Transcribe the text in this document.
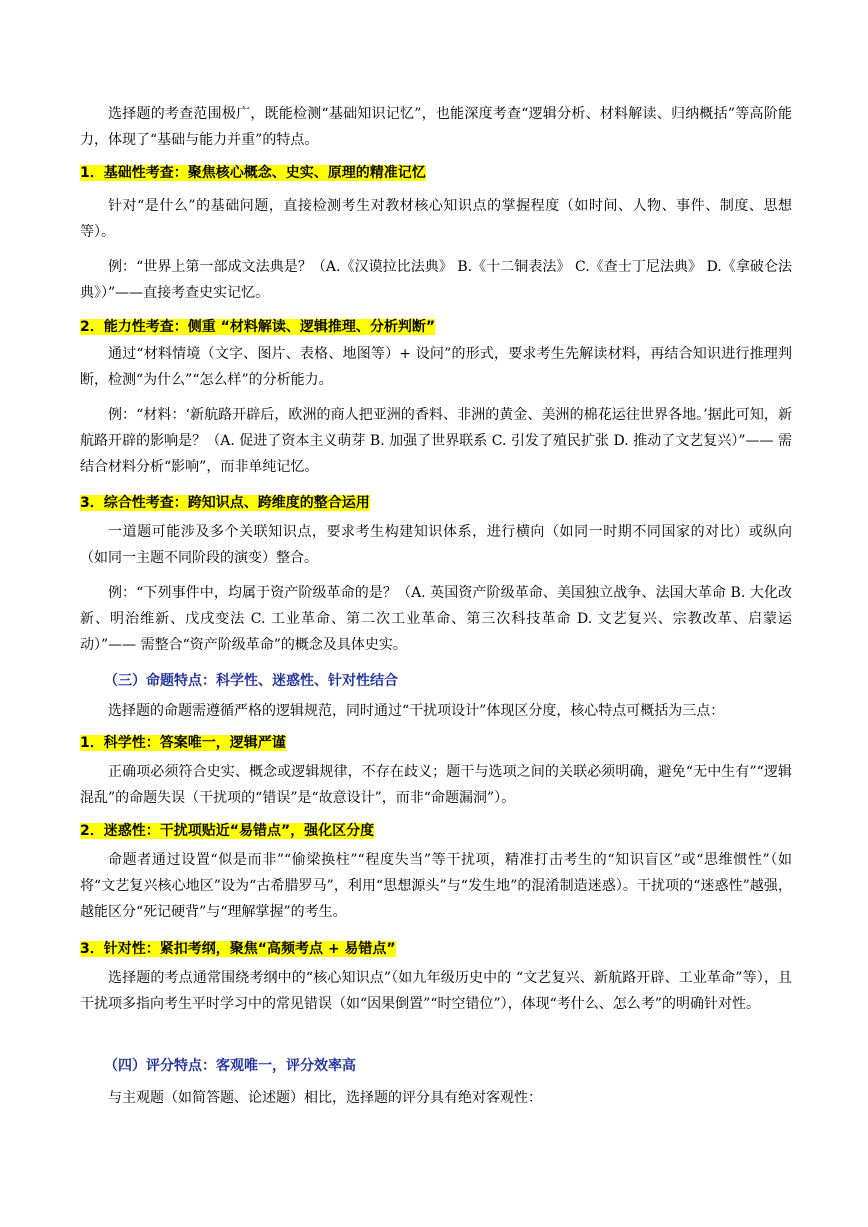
选择题的考查范围极广，既能检测“基础知识记忆”，也能深度考查“逻辑分析、材料解读、归纳概括”等高阶能力，体现了“基础与能力并重”的特点。
1．基础性考查：聚焦核心概念、史实、原理的精准记忆
针对“是什么”的基础问题，直接检测考生对教材核心知识点的掌握程度（如时间、人物、事件、制度、思想等）。
例：“世界上第一部成文法典是？（A.《汉谟拉比法典》 B.《十二铜表法》 C.《查士丁尼法典》 D.《拿破仑法典》）”——直接考查史实记忆。
2．能力性考查：侧重 “材料解读、逻辑推理、分析判断”
通过“材料情境（文字、图片、表格、地图等）+ 设问”的形式，要求考生先解读材料，再结合知识进行推理判断，检测“为什么”“怎么样”的分析能力。
例：“材料：‘新航路开辟后，欧洲的商人把亚洲的香料、非洲的黄金、美洲的棉花运往世界各地。’据此可知，新航路开辟的影响是？（A. 促进了资本主义萌芽 B. 加强了世界联系 C. 引发了殖民扩张 D. 推动了文艺复兴）”—— 需结合材料分析“影响”，而非单纯记忆。
3．综合性考查：跨知识点、跨维度的整合运用
一道题可能涉及多个关联知识点，要求考生构建知识体系，进行横向（如同一时期不同国家的对比）或纵向（如同一主题不同阶段的演变）整合。
例：“下列事件中，均属于资产阶级革命的是？（A. 英国资产阶级革命、美国独立战争、法国大革命 B. 大化改新、明治维新、戊戌变法 C. 工业革命、第二次工业革命、第三次科技革命 D. 文艺复兴、宗教改革、启蒙运动）”—— 需整合“资产阶级革命”的概念及具体史实。
（三）命题特点：科学性、迷惑性、针对性结合
选择题的命题需遵循严格的逻辑规范，同时通过“干扰项设计”体现区分度，核心特点可概括为三点：
1．科学性：答案唯一，逻辑严谨
正确项必须符合史实、概念或逻辑规律，不存在歧义；题干与选项之间的关联必须明确，避免“无中生有”“逻辑混乱”的命题失误（干扰项的“错误”是“故意设计”，而非“命题漏洞”）。
2．迷惑性：干扰项贴近“易错点”，强化区分度
命题者通过设置“似是而非”“偷梁换柱”“程度失当”等干扰项，精准打击考生的“知识盲区”或“思维惯性”（如将“文艺复兴核心地区”设为“古希腊罗马”，利用“思想源头”与“发生地”的混淆制造迷惑）。干扰项的“迷惑性”越强，越能区分“死记硬背”与“理解掌握”的考生。
3．针对性：紧扣考纲，聚焦“高频考点 + 易错点”
选择题的考点通常围绕考纲中的“核心知识点”（如九年级历史中的 “文艺复兴、新航路开辟、工业革命”等），且干扰项多指向考生平时学习中的常见错误（如“因果倒置”“时空错位”），体现“考什么、怎么考”的明确针对性。
（四）评分特点：客观唯一，评分效率高
与主观题（如简答题、论述题）相比，选择题的评分具有绝对客观性：
